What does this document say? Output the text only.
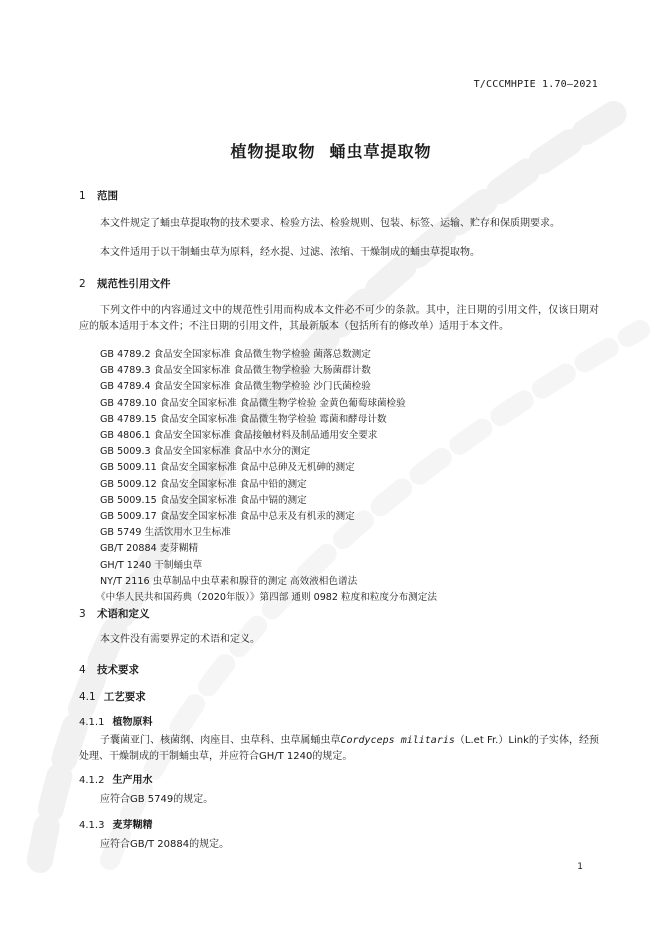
T/CCCMHPIE 1.70—2021
植物提取物 蛹虫草提取物
1 范围
本文件规定了蛹虫草提取物的技术要求、检验方法、检验规则、包装、标签、运输、贮存和保质期要求。
本文件适用于以干制蛹虫草为原料，经水提、过滤、浓缩、干燥制成的蛹虫草提取物。
2 规范性引用文件
下列文件中的内容通过文中的规范性引用而构成本文件必不可少的条款。其中，注日期的引用文件，仅该日期对应的版本适用于本文件；不注日期的引用文件，其最新版本（包括所有的修改单）适用于本文件。
GB 4789.2 食品安全国家标准 食品微生物学检验 菌落总数测定
GB 4789.3 食品安全国家标准 食品微生物学检验 大肠菌群计数
GB 4789.4 食品安全国家标准 食品微生物学检验 沙门氏菌检验
GB 4789.10 食品安全国家标准 食品微生物学检验 金黄色葡萄球菌检验
GB 4789.15 食品安全国家标准 食品微生物学检验 霉菌和酵母计数
GB 4806.1 食品安全国家标准 食品接触材料及制品通用安全要求
GB 5009.3 食品安全国家标准 食品中水分的测定
GB 5009.11 食品安全国家标准 食品中总砷及无机砷的测定
GB 5009.12 食品安全国家标准 食品中铅的测定
GB 5009.15 食品安全国家标准 食品中镉的测定
GB 5009.17 食品安全国家标准 食品中总汞及有机汞的测定
GB 5749 生活饮用水卫生标准
GB/T 20884 麦芽糊精
GH/T 1240 干制蛹虫草
NY/T 2116 虫草制品中虫草素和腺苷的测定 高效液相色谱法
《中华人民共和国药典（2020年版）》第四部 通则 0982 粒度和粒度分布测定法
3 术语和定义
本文件没有需要界定的术语和定义。
4 技术要求
4.1 工艺要求
4.1.1 植物原料
子囊菌亚门、核菌纲、肉座目、虫草科、虫草属蛹虫草Cordyceps militaris（L.et Fr.）Link的子实体，经预处理、干燥制成的干制蛹虫草，并应符合GH/T 1240的规定。
4.1.2 生产用水
应符合GB 5749的规定。
4.1.3 麦芽糊精
应符合GB/T 20884的规定。
1
